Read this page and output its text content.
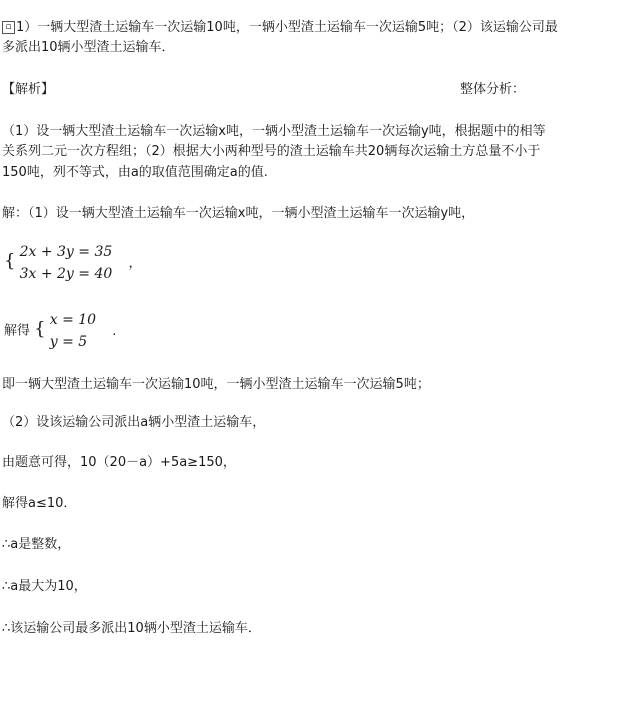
▫ 1）一辆大型渣土运输车一次运输10吨，一辆小型渣土运输车一次运输5吨；（2）该运输公司最
多派出10辆小型渣土运输车．
【解析】	整体分析：
（1）设一辆大型渣土运输车一次运输x吨，一辆小型渣土运输车一次运输y吨，根据题中的相等
关系列二元一次方程组；（2）根据大小两种型号的渣土运输车共20辆每次运输土方总量不小于
150吨，列不等式，由a的取值范围确定a的值.
解：（1）设一辆大型渣土运输车一次运输x吨，一辆小型渣土运输车一次运输y吨，
{ 2x + 3y = 35
3x + 2y = 40
，
解得 { x = 10
y = 5
.
即一辆大型渣土运输车一次运输10吨，一辆小型渣土运输车一次运输5吨；
（2）设该运输公司派出a辆小型渣土运输车，
由题意可得，10（20－a）+5a≥150，
解得a≤10．
∴a是整数，
∴a最大为10，
∴该运输公司最多派出10辆小型渣土运输车．
